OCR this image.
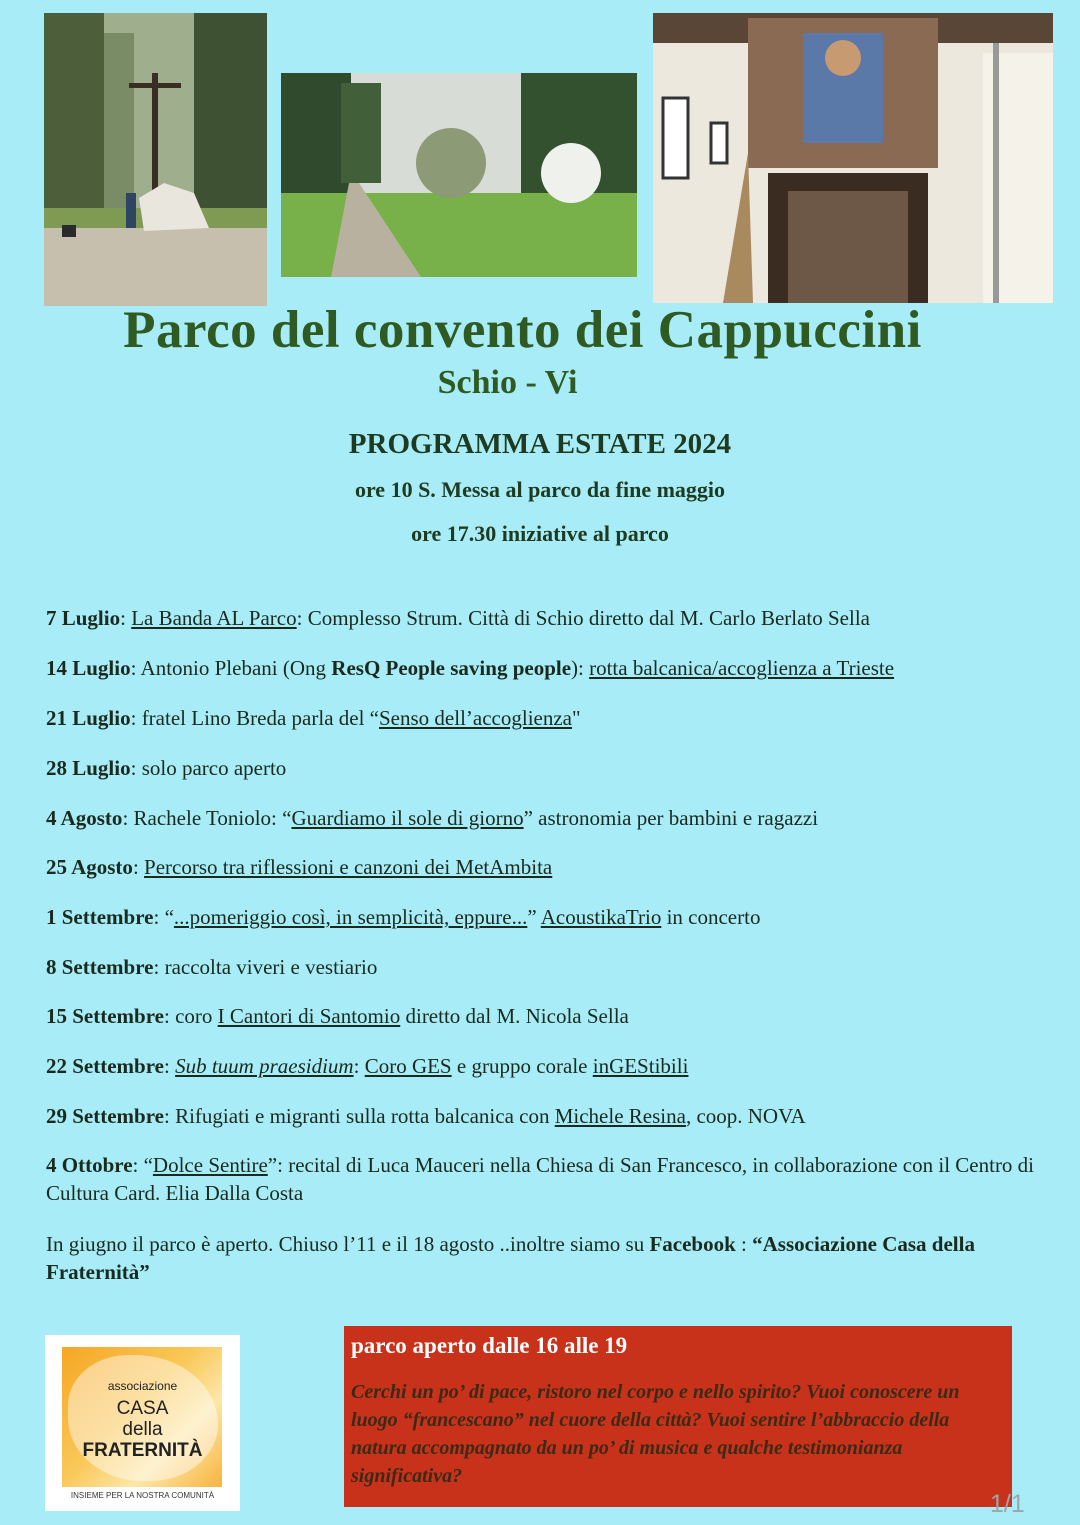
Parco del convento dei Cappuccini
Schio - Vi
PROGRAMMA ESTATE 2024
ore 10 S. Messa al parco da fine maggio
ore 17.30 iniziative al parco
7 Luglio: La Banda AL Parco: Complesso Strum. Città di Schio diretto dal M. Carlo Berlato Sella
14 Luglio: Antonio Plebani (Ong ResQ People saving people): rotta balcanica/accoglienza a Trieste
21 Luglio: fratel Lino Breda parla del “Senso dell’accoglienza"
28 Luglio: solo parco aperto
4 Agosto: Rachele Toniolo: “Guardiamo il sole di giorno” astronomia per bambini e ragazzi
25 Agosto: Percorso tra riflessioni e canzoni dei MetAmbita
1 Settembre: “...pomeriggio così, in semplicità, eppure...” AcoustikaTrio in concerto
8 Settembre: raccolta viveri e vestiario
15 Settembre: coro I Cantori di Santomio diretto dal M. Nicola Sella
22 Settembre: Sub tuum praesidium: Coro GES e gruppo corale inGEStibili
29 Settembre: Rifugiati e migranti sulla rotta balcanica con Michele Resina, coop. NOVA
4 Ottobre: “Dolce Sentire”: recital di Luca Mauceri nella Chiesa di San Francesco, in collaborazione con il Centro di Cultura Card. Elia Dalla Costa
In giugno il parco è aperto. Chiuso l’11 e il 18 agosto ..inoltre siamo su Facebook : “Associazione Casa della Fraternità”
associazione
CASA
della
FRATERNITÀ
INSIEME PER LA NOSTRA COMUNITÀ
parco aperto dalle 16 alle 19
Cerchi un po’ di pace, ristoro nel corpo e nello spirito? Vuoi conoscere un luogo “francescano” nel cuore della città? Vuoi sentire l’abbraccio della natura accompagnato da un po’ di musica e qualche testimonianza significativa?
1/1
